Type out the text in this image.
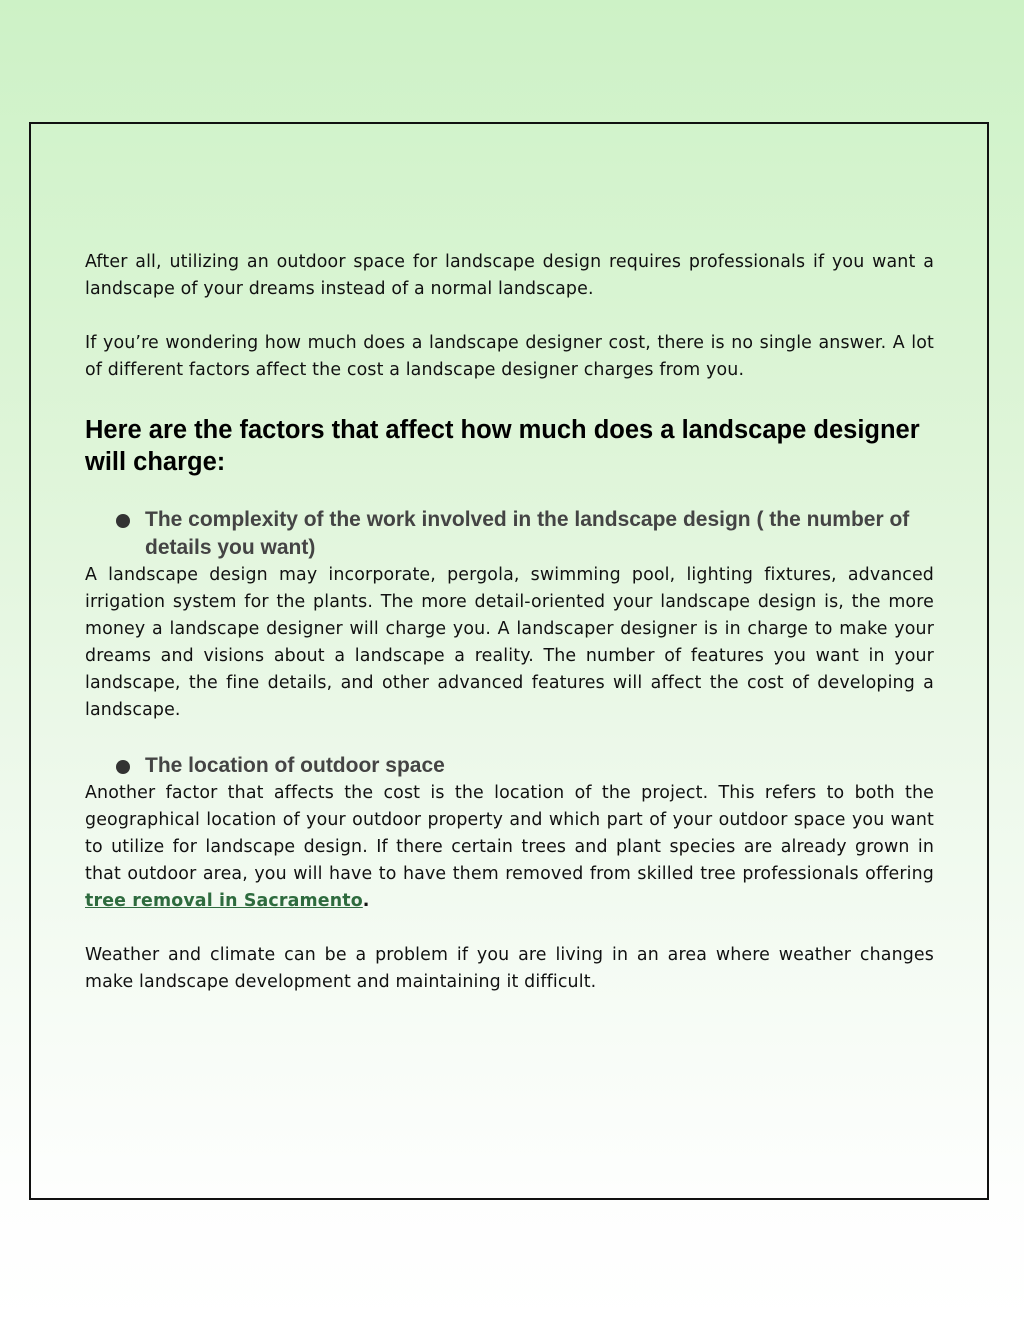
After all, utilizing an outdoor space for landscape design requires professionals if you want a landscape of your dreams instead of a normal landscape.

If you’re wondering how much does a landscape designer cost, there is no single answer. A lot of different factors affect the cost a landscape designer charges from you.

Here are the factors that affect how much does a landscape designer will charge:
The complexity of the work involved in the landscape design ( the number of details you want)

A landscape design may incorporate, pergola, swimming pool, lighting fixtures, advanced irrigation system for the plants. The more detail-oriented your landscape design is, the more money a landscape designer will charge you. A landscaper designer is in charge to make your dreams and visions about a landscape a reality. The number of features you want in your landscape, the fine details, and other advanced features will affect the cost of developing a landscape.

The location of outdoor space

Another factor that affects the cost is the location of the project. This refers to both the geographical location of your outdoor property and which part of your outdoor space you want to utilize for landscape design. If there certain trees and plant species are already grown in that outdoor area, you will have to have them removed from skilled tree professionals offering tree removal in Sacramento.

Weather and climate can be a problem if you are living in an area where weather changes make landscape development and maintaining it difficult.
